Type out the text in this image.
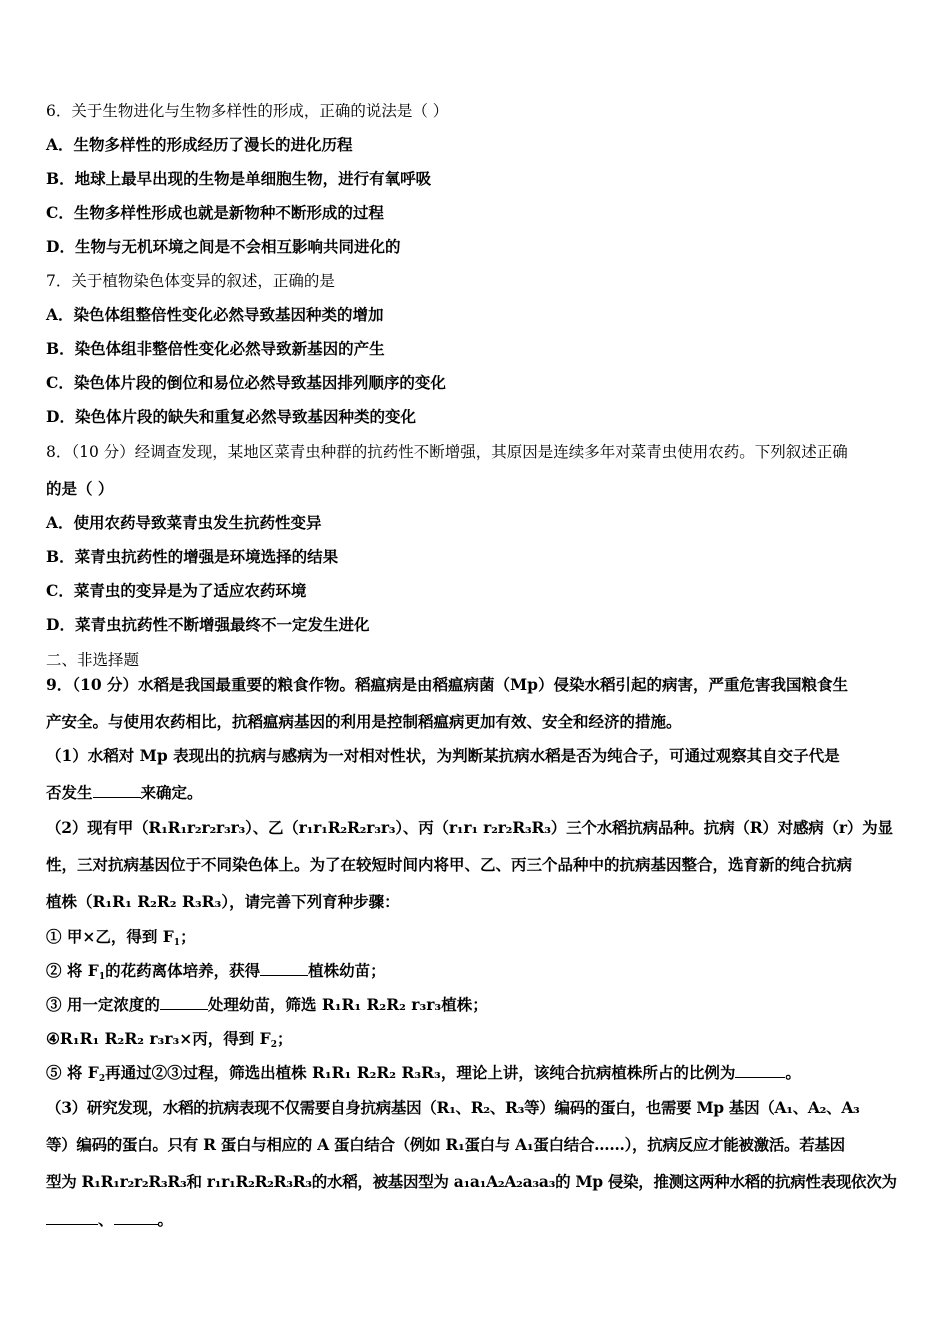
6．关于生物进化与生物多样性的形成，正确的说法是（ ）
A．生物多样性的形成经历了漫长的进化历程
B．地球上最早出现的生物是单细胞生物，进行有氧呼吸
C．生物多样性形成也就是新物种不断形成的过程
D．生物与无机环境之间是不会相互影响共同进化的
7．关于植物染色体变异的叙述，正确的是
A．染色体组整倍性变化必然导致基因种类的增加
B．染色体组非整倍性变化必然导致新基因的产生
C．染色体片段的倒位和易位必然导致基因排列顺序的变化
D．染色体片段的缺失和重复必然导致基因种类的变化
8．（10 分）经调查发现，某地区菜青虫种群的抗药性不断增强，其原因是连续多年对菜青虫使用农药。下列叙述正确
的是（ ）
A．使用农药导致菜青虫发生抗药性变异
B．菜青虫抗药性的增强是环境选择的结果
C．菜青虫的变异是为了适应农药环境
D．菜青虫抗药性不断增强最终不一定发生进化
二、非选择题
9．（10 分）水稻是我国最重要的粮食作物。稻瘟病是由稻瘟病菌（Mp）侵染水稻引起的病害，严重危害我国粮食生
产安全。与使用农药相比，抗稻瘟病基因的利用是控制稻瘟病更加有效、安全和经济的措施。
（1）水稻对 Mp 表现出的抗病与感病为一对相对性状，为判断某抗病水稻是否为纯合子，可通过观察其自交子代是
否发生	来确定。
（2）现有甲（R₁R₁r₂r₂r₃r₃）、乙（r₁r₁R₂R₂r₃r₃）、丙（r₁r₁ r₂r₂R₃R₃）三个水稻抗病品种。抗病（R）对感病（r）为显
性，三对抗病基因位于不同染色体上。为了在较短时间内将甲、乙、丙三个品种中的抗病基因整合，选育新的纯合抗病
植株（R₁R₁ R₂R₂ R₃R₃），请完善下列育种步骤：
① 甲×乙，得到 $F_1$；
② 将 $F_1$的花药离体培养，获得	植株幼苗；
③ 用一定浓度的	处理幼苗，筛选 R₁R₁ R₂R₂ r₃r₃植株；
④R₁R₁ R₂R₂ r₃r₃×丙，得到 $F_2$；
⑤ 将 $F_2$再通过②③过程，筛选出植株 R₁R₁ R₂R₂ R₃R₃，理论上讲，该纯合抗病植株所占的比例为	。
（3）研究发现，水稻的抗病表现不仅需要自身抗病基因（R₁、R₂、R₃等）编码的蛋白，也需要 Mp 基因（A₁、A₂、A₃
等）编码的蛋白。只有 R 蛋白与相应的 A 蛋白结合（例如 R₁蛋白与 A₁蛋白结合……），抗病反应才能被激活。若基因
型为 R₁R₁r₂r₂R₃R₃和 r₁r₁R₂R₂R₃R₃的水稻，被基因型为 a₁a₁A₂A₂a₃a₃的 Mp 侵染，推测这两种水稻的抗病性表现依次为
、	。
